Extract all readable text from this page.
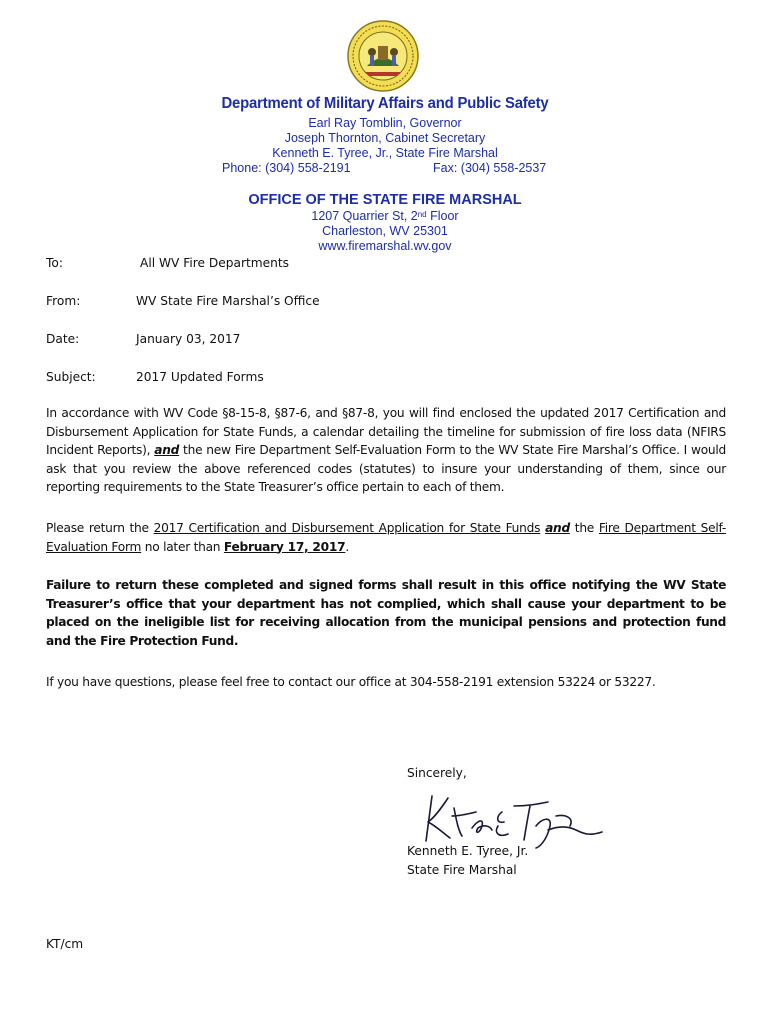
Department of Military Affairs and Public Safety
Earl Ray Tomblin, Governor
Joseph Thornton, Cabinet Secretary
Kenneth E. Tyree, Jr., State Fire Marshal
Phone: (304) 558-2191	Fax: (304) 558-2537
OFFICE OF THE STATE FIRE MARSHAL
1207 Quarrier St, 2nd Floor
Charleston, WV 25301
www.firemarshal.wv.gov
To:	All WV Fire Departments
From:	WV State Fire Marshal’s Office
Date:	January 03, 2017
Subject:	2017 Updated Forms
In accordance with WV Code §8-15-8, §87-6, and §87-8, you will find enclosed the updated 2017 Certification and Disbursement Application for State Funds, a calendar detailing the timeline for submission of fire loss data (NFIRS Incident Reports), and the new Fire Department Self-Evaluation Form to the WV State Fire Marshal’s Office. I would ask that you review the above referenced codes (statutes) to insure your understanding of them, since our reporting requirements to the State Treasurer’s office pertain to each of them.
Please return the 2017 Certification and Disbursement Application for State Funds and the Fire Department Self-Evaluation Form no later than February 17, 2017.
Failure to return these completed and signed forms shall result in this office notifying the WV State Treasurer’s office that your department has not complied, which shall cause your department to be placed on the ineligible list for receiving allocation from the municipal pensions and protection fund and the Fire Protection Fund.
If you have questions, please feel free to contact our office at 304-558-2191 extension 53224 or 53227.
Sincerely,
Kenneth E. Tyree, Jr.
State Fire Marshal
KT/cm
